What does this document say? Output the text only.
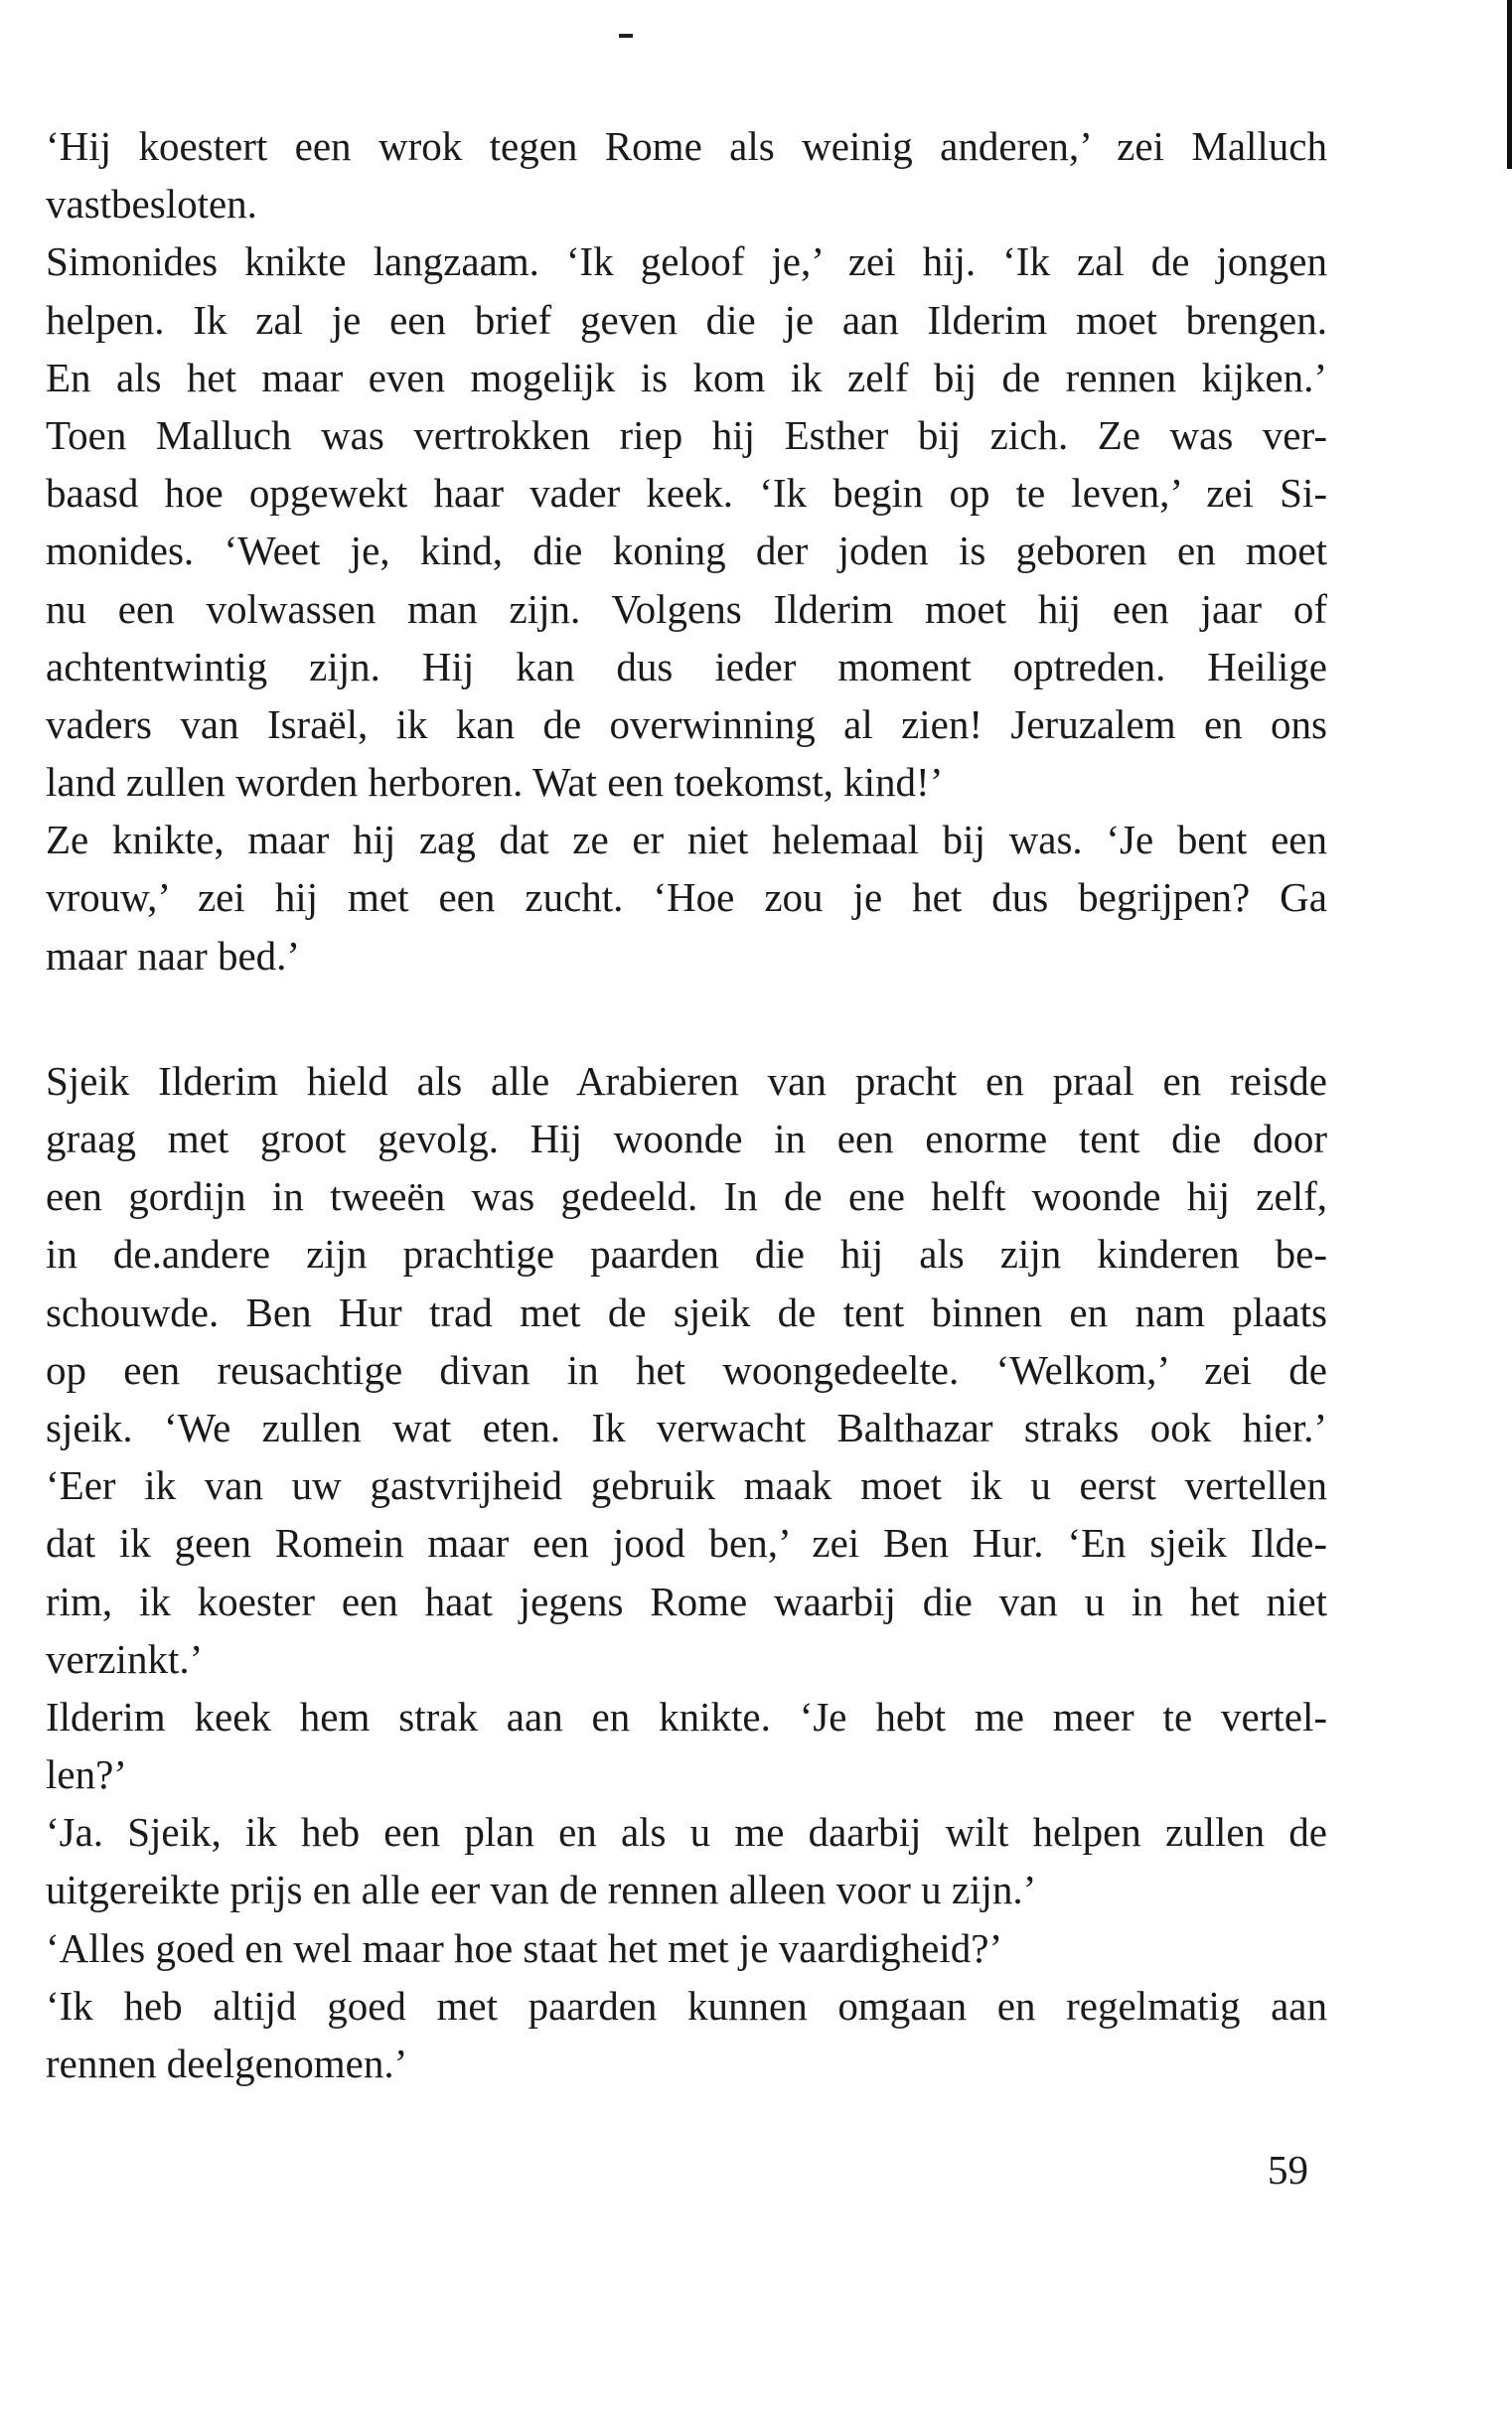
‘Hij koestert een wrok tegen Rome als weinig anderen,’ zei Malluch
vastbesloten.
Simonides knikte langzaam. ‘Ik geloof je,’ zei hij. ‘Ik zal de jongen
helpen. Ik zal je een brief geven die je aan Ilderim moet brengen.
En als het maar even mogelijk is kom ik zelf bij de rennen kijken.’
Toen Malluch was vertrokken riep hij Esther bij zich. Ze was ver-
baasd hoe opgewekt haar vader keek. ‘Ik begin op te leven,’ zei Si-
monides. ‘Weet je, kind, die koning der joden is geboren en moet
nu een volwassen man zijn. Volgens Ilderim moet hij een jaar of
achtentwintig zijn. Hij kan dus ieder moment optreden. Heilige
vaders van Israël, ik kan de overwinning al zien! Jeruzalem en ons
land zullen worden herboren. Wat een toekomst, kind!’
Ze knikte, maar hij zag dat ze er niet helemaal bij was. ‘Je bent een
vrouw,’ zei hij met een zucht. ‘Hoe zou je het dus begrijpen? Ga
maar naar bed.’
Sjeik Ilderim hield als alle Arabieren van pracht en praal en reisde
graag met groot gevolg. Hij woonde in een enorme tent die door
een gordijn in tweeën was gedeeld. In de ene helft woonde hij zelf,
in de.andere zijn prachtige paarden die hij als zijn kinderen be-
schouwde. Ben Hur trad met de sjeik de tent binnen en nam plaats
op een reusachtige divan in het woongedeelte. ‘Welkom,’ zei de
sjeik. ‘We zullen wat eten. Ik verwacht Balthazar straks ook hier.’
‘Eer ik van uw gastvrijheid gebruik maak moet ik u eerst vertellen
dat ik geen Romein maar een jood ben,’ zei Ben Hur. ‘En sjeik Ilde-
rim, ik koester een haat jegens Rome waarbij die van u in het niet
verzinkt.’
Ilderim keek hem strak aan en knikte. ‘Je hebt me meer te vertel-
len?’
‘Ja. Sjeik, ik heb een plan en als u me daarbij wilt helpen zullen de
uitgereikte prijs en alle eer van de rennen alleen voor u zijn.’
‘Alles goed en wel maar hoe staat het met je vaardigheid?’
‘Ik heb altijd goed met paarden kunnen omgaan en regelmatig aan
rennen deelgenomen.’
59
